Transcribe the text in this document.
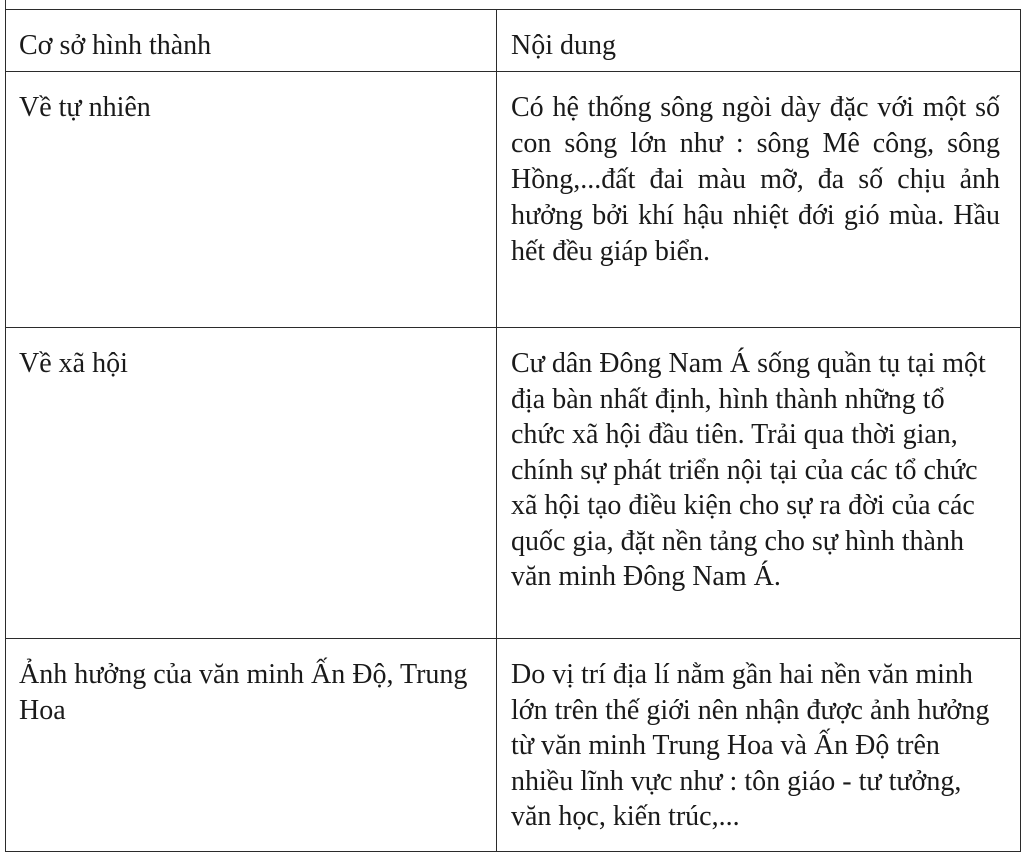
Cơ sở hình thành	Nội dung
Về tự nhiên	Có hệ thống sông ngòi dày đặc với một số con sông lớn như : sông Mê công, sông Hồng,...đất đai màu mỡ, đa số chịu ảnh hưởng bởi khí hậu nhiệt đới gió mùa. Hầu hết đều giáp biển.
Về xã hội	Cư dân Đông Nam Á sống quần tụ tại một địa bàn nhất định, hình thành những tổ chức xã hội đầu tiên. Trải qua thời gian, chính sự phát triển nội tại của các tổ chức xã hội tạo điều kiện cho sự ra đời của các quốc gia, đặt nền tảng cho sự hình thành văn minh Đông Nam Á.
Ảnh hưởng của văn minh Ấn Độ, Trung Hoa	Do vị trí địa lí nằm gần hai nền văn minh lớn trên thế giới nên nhận được ảnh hưởng từ văn minh Trung Hoa và Ấn Độ trên nhiều lĩnh vực như : tôn giáo - tư tưởng, văn học, kiến trúc,...
